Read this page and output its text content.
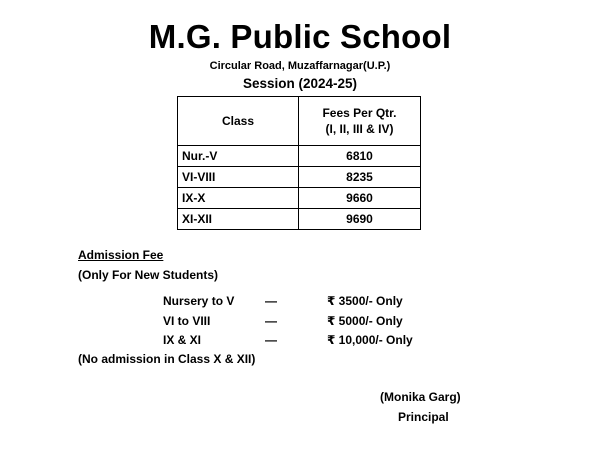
M.G. Public School
Circular Road, Muzaffarnagar(U.P.)
Session (2024-25)
Class	Fees Per Qtr.
(I, II, III & IV)
Nur.-V	6810
VI-VIII	8235
IX-X	9660
XI-XII	9690
Admission Fee
(Only For New Students)
Nursery to V	—	₹ 3500/- Only
VI to VIII	—	₹ 5000/- Only
IX & XI	—	₹ 10,000/- Only
(No admission in Class X & XII)
(Monika Garg)
Principal
